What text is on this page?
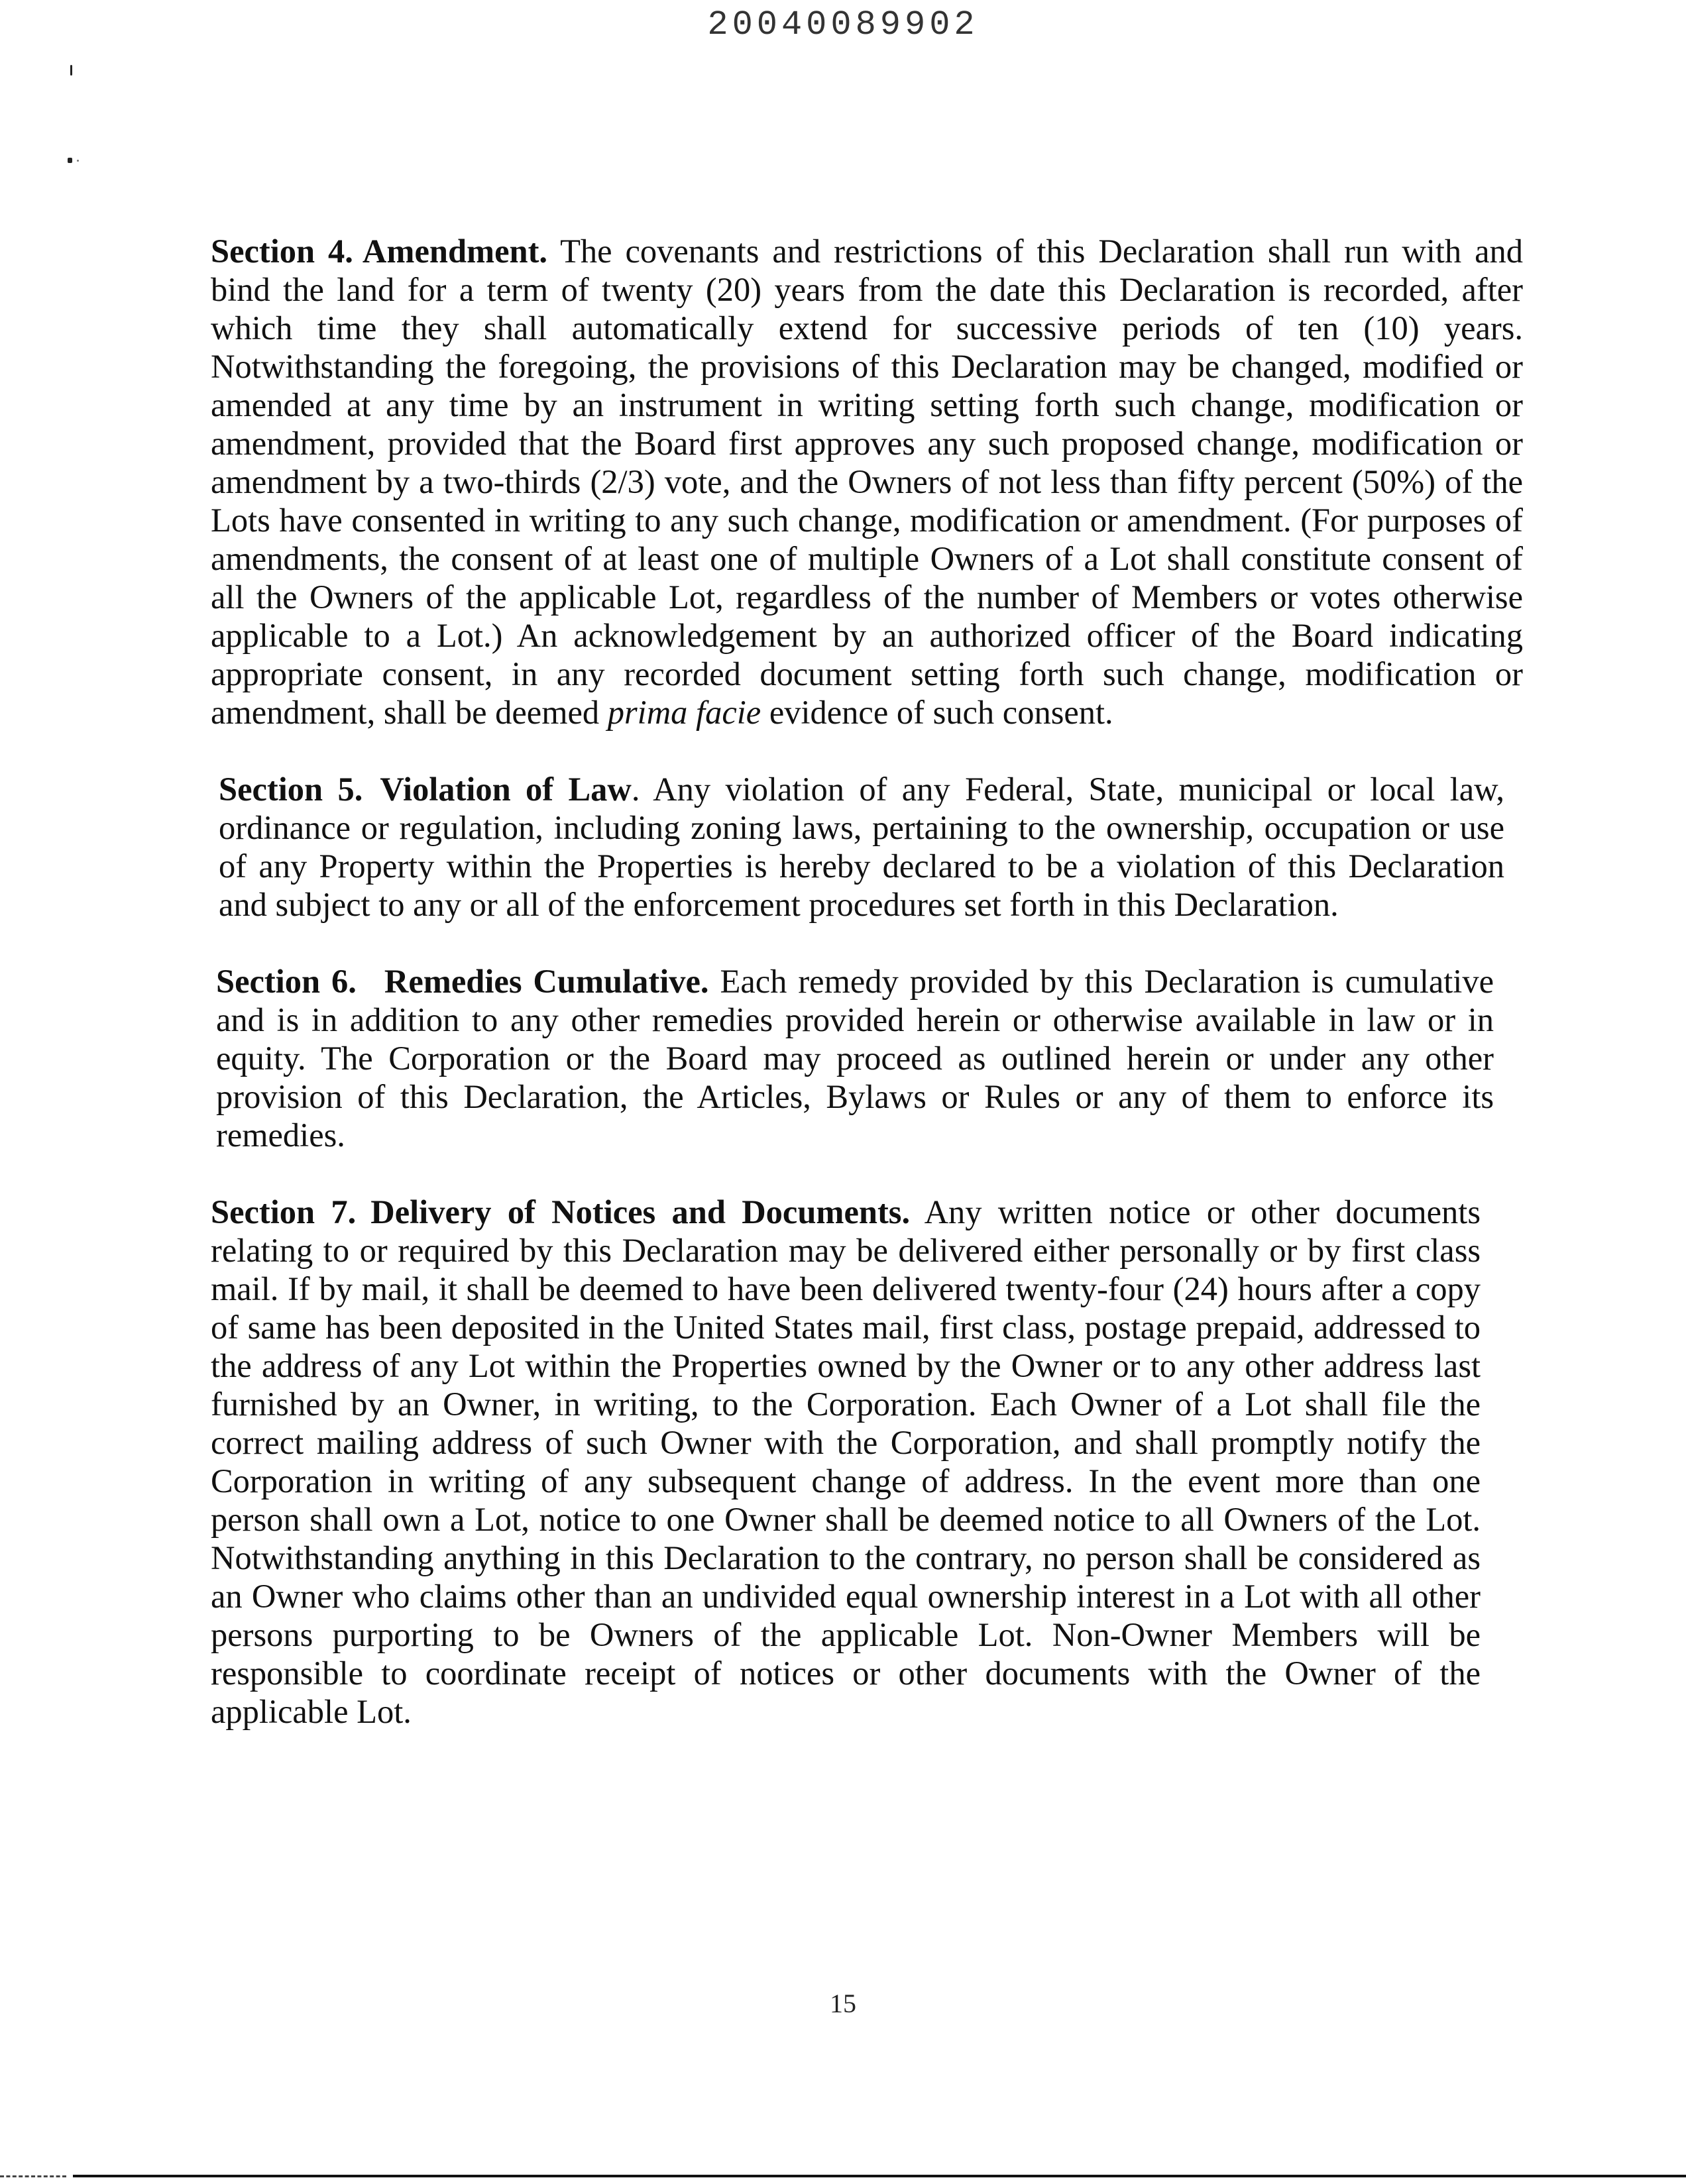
20040089902

Section 4. Amendment. The covenants and restrictions of this Declaration shall run with and bind the land for a term of twenty (20) years from the date this Declaration is recorded, after which time they shall automatically extend for successive periods of ten (10) years. Notwithstanding the foregoing, the provisions of this Declaration may be changed, modified or amended at any time by an instrument in writing setting forth such change, modification or amendment, provided that the Board first approves any such proposed change, modification or amendment by a two-thirds (2/3) vote, and the Owners of not less than fifty percent (50%) of the Lots have consented in writing to any such change, modification or amendment. (For purposes of amendments, the consent of at least one of multiple Owners of a Lot shall constitute consent of all the Owners of the applicable Lot, regardless of the number of Members or votes otherwise applicable to a Lot.) An acknowledgement by an authorized officer of the Board indicating appropriate consent, in any recorded document setting forth such change, modification or amendment, shall be deemed prima facie evidence of such consent.

Section 5. Violation of Law. Any violation of any Federal, State, municipal or local law, ordinance or regulation, including zoning laws, pertaining to the ownership, occupation or use of any Property within the Properties is hereby declared to be a violation of this Declaration and subject to any or all of the enforcement procedures set forth in this Declaration.

Section 6. Remedies Cumulative. Each remedy provided by this Declaration is cumulative and is in addition to any other remedies provided herein or otherwise available in law or in equity. The Corporation or the Board may proceed as outlined herein or under any other provision of this Declaration, the Articles, Bylaws or Rules or any of them to enforce its remedies.

Section 7. Delivery of Notices and Documents. Any written notice or other documents relating to or required by this Declaration may be delivered either personally or by first class mail. If by mail, it shall be deemed to have been delivered twenty-four (24) hours after a copy of same has been deposited in the United States mail, first class, postage prepaid, addressed to the address of any Lot within the Properties owned by the Owner or to any other address last furnished by an Owner, in writing, to the Corporation. Each Owner of a Lot shall file the correct mailing address of such Owner with the Corporation, and shall promptly notify the Corporation in writing of any subsequent change of address. In the event more than one person shall own a Lot, notice to one Owner shall be deemed notice to all Owners of the Lot. Notwithstanding anything in this Declaration to the contrary, no person shall be considered as an Owner who claims other than an undivided equal ownership interest in a Lot with all other persons purporting to be Owners of the applicable Lot. Non-Owner Members will be responsible to coordinate receipt of notices or other documents with the Owner of the applicable Lot.

15
